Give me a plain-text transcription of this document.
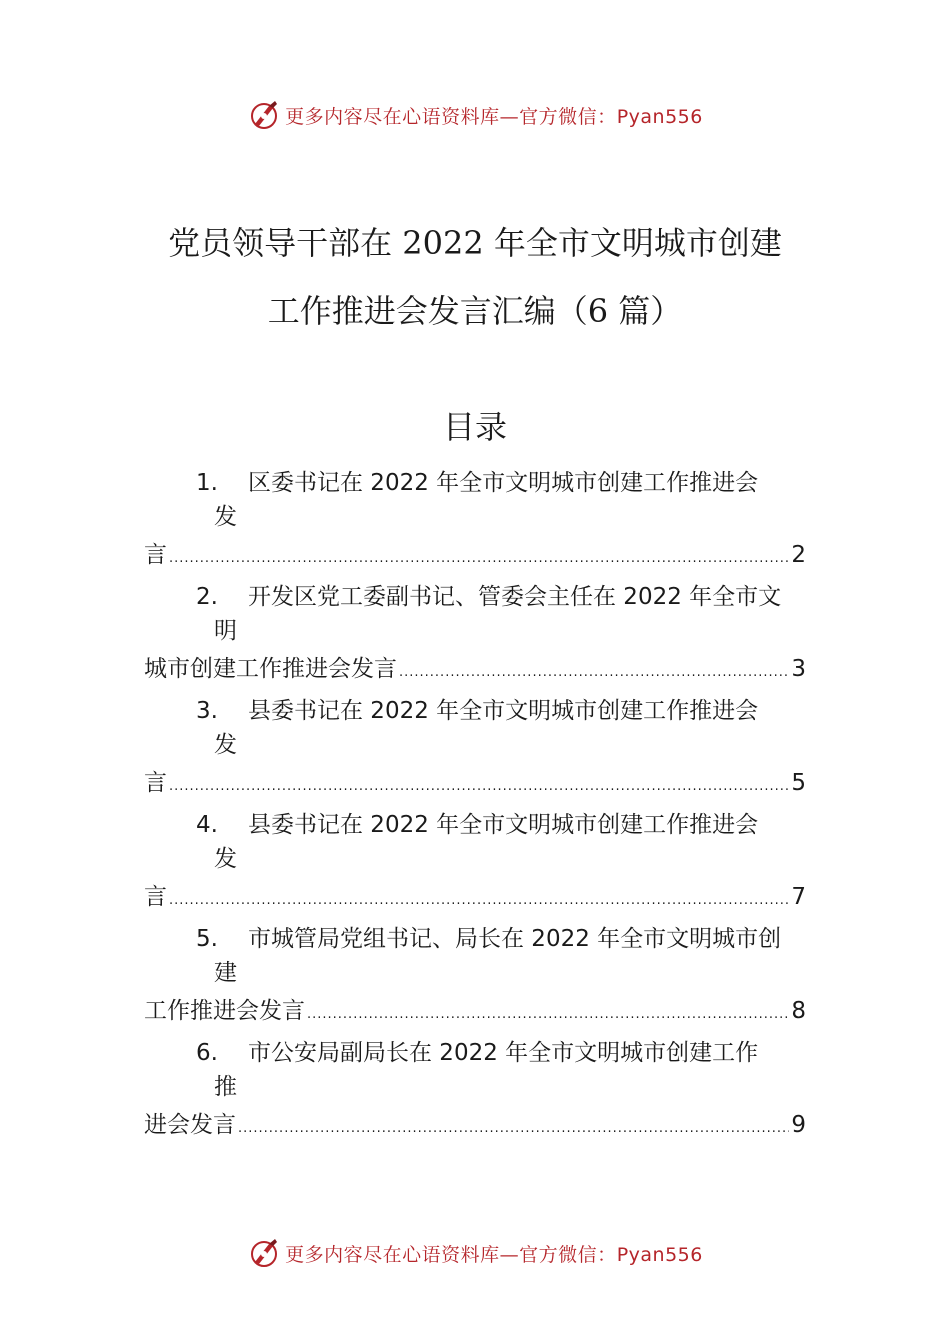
更多内容尽在心语资料库—官方微信：Pyan556
党员领导干部在 2022 年全市文明城市创建
工作推进会发言汇编（6 篇）
目录
1. 区委书记在 2022 年全市文明城市创建工作推进会
发
言 .....	2
2. 开发区党工委副书记、管委会主任在 2022 年全市文
明
城市创建工作推进会发言 .....	3
3. 县委书记在 2022 年全市文明城市创建工作推进会
发
言 .....	5
4. 县委书记在 2022 年全市文明城市创建工作推进会
发
言 .....	7
5. 市城管局党组书记、局长在 2022 年全市文明城市创
建
工作推进会发言 .....	8
6. 市公安局副局长在 2022 年全市文明城市创建工作
推
进会发言 .....	9
更多内容尽在心语资料库—官方微信：Pyan556
